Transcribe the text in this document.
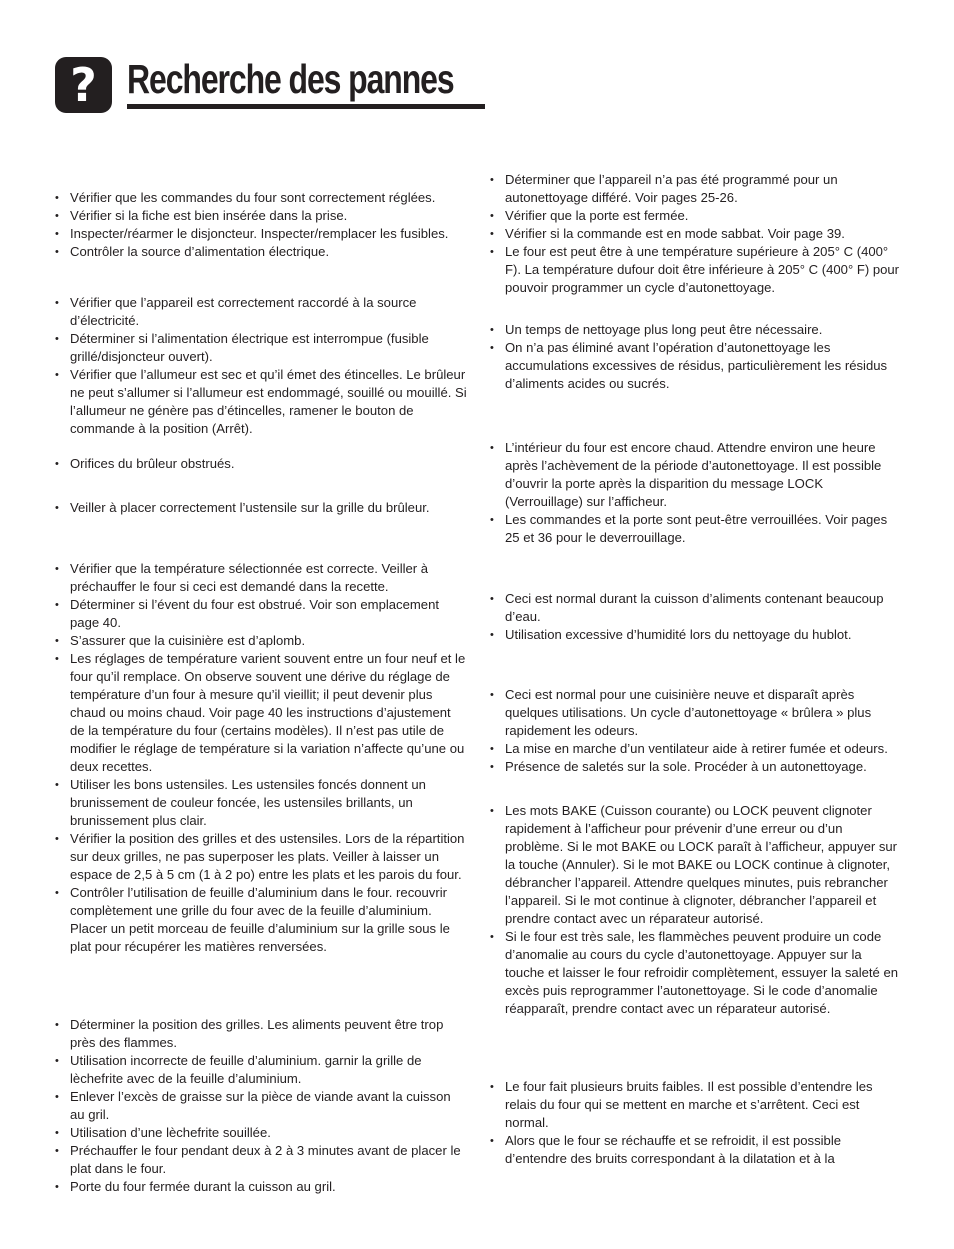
? Recherche des pannes
• Vérifier que les commandes du four sont correctement réglées.
• Vérifier si la fiche est bien insérée dans la prise.
• Inspecter/réarmer le disjoncteur. Inspecter/remplacer les fusibles.
• Contrôler la source d’alimentation électrique.
• Vérifier que l’appareil est correctement raccordé à la source d’électricité.
• Déterminer si l’alimentation électrique est interrompue (fusible grillé/disjoncteur ouvert).
• Vérifier que l’allumeur est sec et qu’il émet des étincelles. Le brûleur ne peut s’allumer si l’allumeur est endommagé, souillé ou mouillé. Si l’allumeur ne génère pas d’étincelles, ramener le bouton de commande à la position (Arrêt).
• Orifices du brûleur obstrués.
• Veiller à placer correctement l’ustensile sur la grille du brûleur.
• Vérifier que la température sélectionnée est correcte. Veiller à préchauffer le four si ceci est demandé dans la recette.
• Déterminer si l’évent du four est obstrué. Voir son emplacement page 40.
• S’assurer que la cuisinière est d’aplomb.
• Les réglages de température varient souvent entre un four neuf et le four qu’il remplace. On observe souvent une dérive du réglage de température d’un four à mesure qu’il vieillit; il peut devenir plus chaud ou moins chaud. Voir page 40 les instructions d’ajustement de la température du four (certains modèles). Il n’est pas utile de modifier le réglage de température si la variation n’affecte qu’une ou deux recettes.
• Utiliser les bons ustensiles. Les ustensiles foncés donnent un brunissement de couleur foncée, les ustensiles brillants, un brunissement plus clair.
• Vérifier la position des grilles et des ustensiles. Lors de la répartition sur deux grilles, ne pas superposer les plats. Veiller à laisser un espace de 2,5 à 5 cm (1 à 2 po) entre les plats et les parois du four.
• Contrôler l’utilisation de feuille d’aluminium dans le four. recouvrir complètement une grille du four avec de la feuille d’aluminium. Placer un petit morceau de feuille d’aluminium sur la grille sous le plat pour récupérer les matières renversées.
• Déterminer la position des grilles. Les aliments peuvent être trop près des flammes.
• Utilisation incorrecte de feuille d’aluminium. garnir la grille de lèchefrite avec de la feuille d’aluminium.
• Enlever l’excès de graisse sur la pièce de viande avant la cuisson au gril.
• Utilisation d’une lèchefrite souillée.
• Préchauffer le four pendant deux à 2 à 3 minutes avant de placer le plat dans le four.
• Porte du four fermée durant la cuisson au gril.
• Déterminer que l’appareil n’a pas été programmé pour un autonettoyage différé. Voir pages 25-26.
• Vérifier que la porte est fermée.
• Vérifier si la commande est en mode sabbat. Voir page 39.
• Le four est peut être à une température supérieure à 205° C (400° F). La température dufour doit être inférieure à 205° C (400° F) pour pouvoir programmer un cycle d’autonettoyage.
• Un temps de nettoyage plus long peut être nécessaire.
• On n’a pas éliminé avant l’opération d’autonettoyage les accumulations excessives de résidus, particulièrement les résidus d’aliments acides ou sucrés.
• L’intérieur du four est encore chaud. Attendre environ une heure après l’achèvement de la période d’autonettoyage. Il est possible d’ouvrir la porte après la disparition du message LOCK (Verrouillage) sur l’afficheur.
• Les commandes et la porte sont peut-être verrouillées. Voir pages 25 et 36 pour le deverrouillage.
• Ceci est normal durant la cuisson d’aliments contenant beaucoup d’eau.
• Utilisation excessive d’humidité lors du nettoyage du hublot.
• Ceci est normal pour une cuisinière neuve et disparaît après quelques utilisations. Un cycle d’autonettoyage « brûlera » plus rapidement les odeurs.
• La mise en marche d’un ventilateur aide à retirer fumée et odeurs.
• Présence de saletés sur la sole. Procéder à un autonettoyage.
• Les mots BAKE (Cuisson courante) ou LOCK peuvent clignoter rapidement à l’afficheur pour prévenir d’une erreur ou d’un problème. Si le mot BAKE ou LOCK paraît à l’afficheur, appuyer sur la touche (Annuler). Si le mot BAKE ou LOCK continue à clignoter, débrancher l’appareil. Attendre quelques minutes, puis rebrancher l’appareil. Si le mot continue à clignoter, débrancher l’appareil et prendre contact avec un réparateur autorisé.
• Si le four est très sale, les flammèches peuvent produire un code d’anomalie au cours du cycle d’autonettoyage. Appuyer sur la touche et laisser le four refroidir complètement, essuyer la saleté en excès puis reprogrammer l’autonettoyage. Si le code d’anomalie réapparaît, prendre contact avec un réparateur autorisé.
• Le four fait plusieurs bruits faibles. Il est possible d’entendre les relais du four qui se mettent en marche et s’arrêtent. Ceci est normal.
• Alors que le four se réchauffe et se refroidit, il est possible d’entendre des bruits correspondant à la dilatation et à la
